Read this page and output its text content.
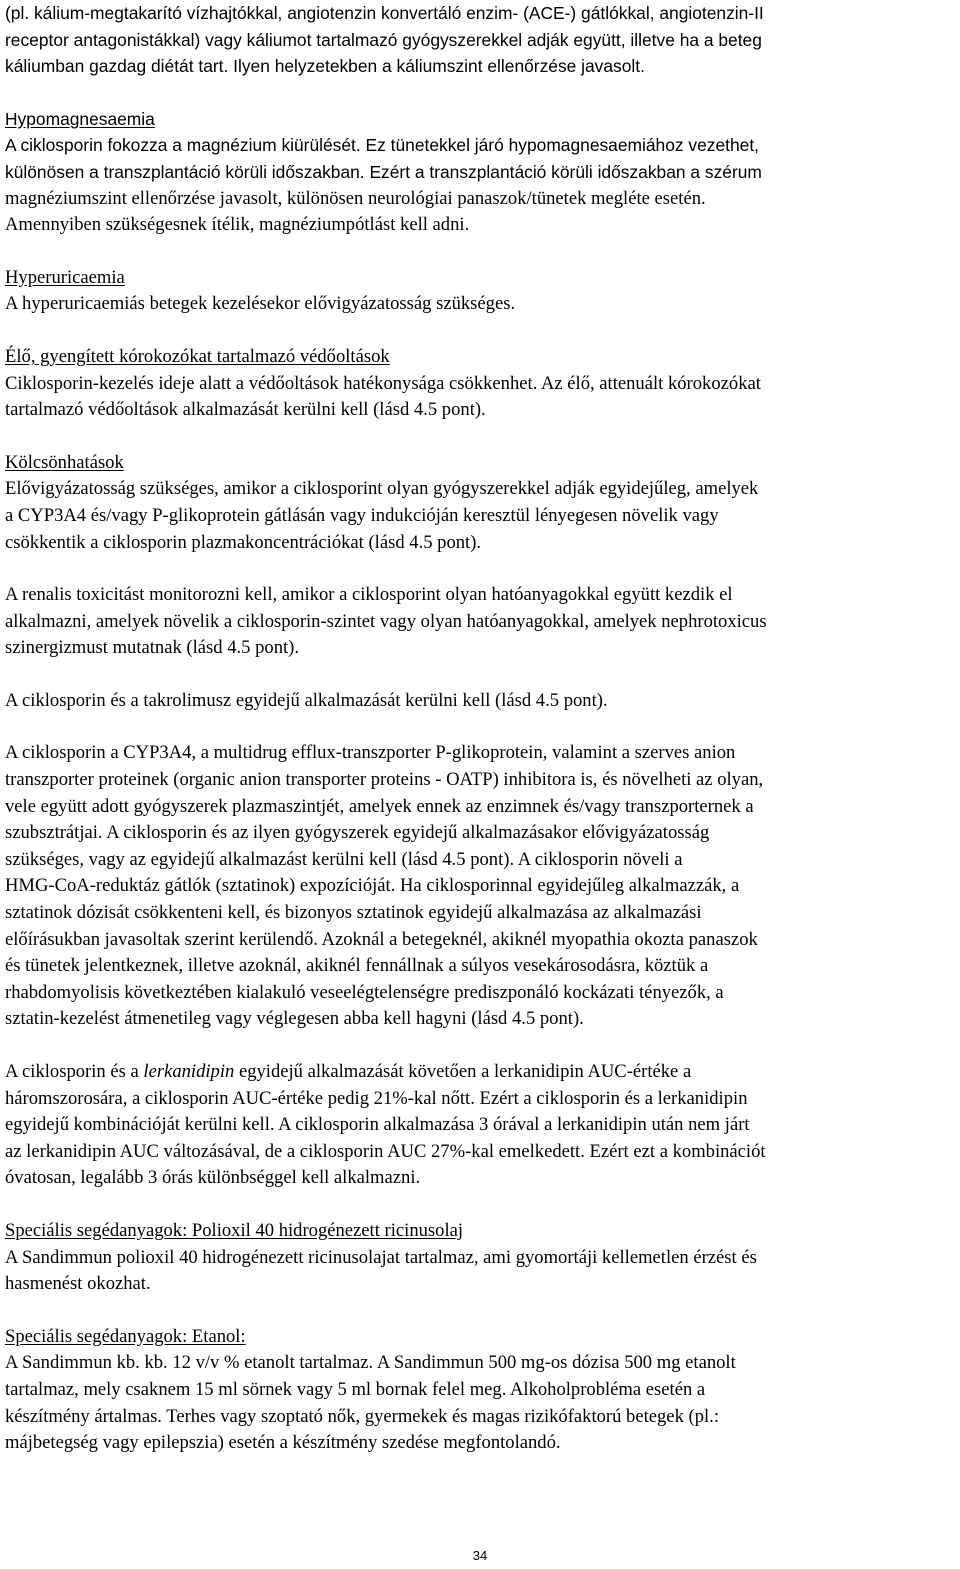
(pl. kálium-megtakarító vízhajtókkal, angiotenzin konvertáló enzim- (ACE-) gátlókkal, angiotenzin-II

receptor antagonistákkal) vagy káliumot tartalmazó gyógyszerekkel adják együtt, illetve ha a beteg

káliumban gazdag diétát tart. Ilyen helyzetekben a káliumszint ellenőrzése javasolt.

Hypomagnesaemia

A ciklosporin fokozza a magnézium kiürülését. Ez tünetekkel járó hypomagnesaemiához vezethet,

különösen a transzplantáció körüli időszakban. Ezért a transzplantáció körüli időszakban a szérum

magnéziumszint ellenőrzése javasolt, különösen neurológiai panaszok/tünetek megléte esetén.

Amennyiben szükségesnek ítélik, magnéziumpótlást kell adni.

Hyperuricaemia

A hyperuricaemiás betegek kezelésekor elővigyázatosság szükséges.

Élő, gyengített kórokozókat tartalmazó védőoltások

Ciklosporin-kezelés ideje alatt a védőoltások hatékonysága csökkenhet. Az élő, attenuált kórokozókat

tartalmazó védőoltások alkalmazását kerülni kell (lásd 4.5 pont).

Kölcsönhatások

Elővigyázatosság szükséges, amikor a ciklosporint olyan gyógyszerekkel adják egyidejűleg, amelyek

a CYP3A4 és/vagy P-glikoprotein gátlásán vagy indukcióján keresztül lényegesen növelik vagy

csökkentik a ciklosporin plazmakoncentrációkat (lásd 4.5 pont).

A renalis toxicitást monitorozni kell, amikor a ciklosporint olyan hatóanyagokkal együtt kezdik el

alkalmazni, amelyek növelik a ciklosporin-szintet vagy olyan hatóanyagokkal, amelyek nephrotoxicus

szinergizmust mutatnak (lásd 4.5 pont).

A ciklosporin és a takrolimusz egyidejű alkalmazását kerülni kell (lásd 4.5 pont).

A ciklosporin a CYP3A4, a multidrug efflux-transzporter P-glikoprotein, valamint a szerves anion

transzporter proteinek (organic anion transporter proteins - OATP) inhibitora is, és növelheti az olyan,

vele együtt adott gyógyszerek plazmaszintjét, amelyek ennek az enzimnek és/vagy transzporternek a

szubsztrátjai. A ciklosporin és az ilyen gyógyszerek egyidejű alkalmazásakor elővigyázatosság

szükséges, vagy az egyidejű alkalmazást kerülni kell (lásd 4.5 pont). A ciklosporin növeli a

HMG-CoA-reduktáz gátlók (sztatinok) expozícióját. Ha ciklosporinnal egyidejűleg alkalmazzák, a

sztatinok dózisát csökkenteni kell, és bizonyos sztatinok egyidejű alkalmazása az alkalmazási

előírásukban javasoltak szerint kerülendő. Azoknál a betegeknél, akiknél myopathia okozta panaszok

és tünetek jelentkeznek, illetve azoknál, akiknél fennállnak a súlyos vesekárosodásra, köztük a

rhabdomyolisis következtében kialakuló veseelégtelenségre prediszponáló kockázati tényezők, a

sztatin-kezelést átmenetileg vagy véglegesen abba kell hagyni (lásd 4.5 pont).

A ciklosporin és a lerkanidipin egyidejű alkalmazását követően a lerkanidipin AUC-értéke a

háromszorosára, a ciklosporin AUC-értéke pedig 21%-kal nőtt. Ezért a ciklosporin és a lerkanidipin

egyidejű kombinációját kerülni kell. A ciklosporin alkalmazása 3 órával a lerkanidipin után nem járt

az lerkanidipin AUC változásával, de a ciklosporin AUC 27%-kal emelkedett. Ezért ezt a kombinációt

óvatosan, legalább 3 órás különbséggel kell alkalmazni.

Speciális segédanyagok: Polioxil 40 hidrogénezett ricinusolaj

A Sandimmun polioxil 40 hidrogénezett ricinusolajat tartalmaz, ami gyomortáji kellemetlen érzést és

hasmenést okozhat.

Speciális segédanyagok: Etanol:

A Sandimmun kb. kb. 12 v/v % etanolt tartalmaz. A Sandimmun 500 mg-os dózisa 500 mg etanolt

tartalmaz, mely csaknem 15 ml sörnek vagy 5 ml bornak felel meg. Alkoholprobléma esetén a

készítmény ártalmas. Terhes vagy szoptató nők, gyermekek és magas rizikófaktorú betegek (pl.:

májbetegség vagy epilepszia) esetén a készítmény szedése megfontolandó.

34
